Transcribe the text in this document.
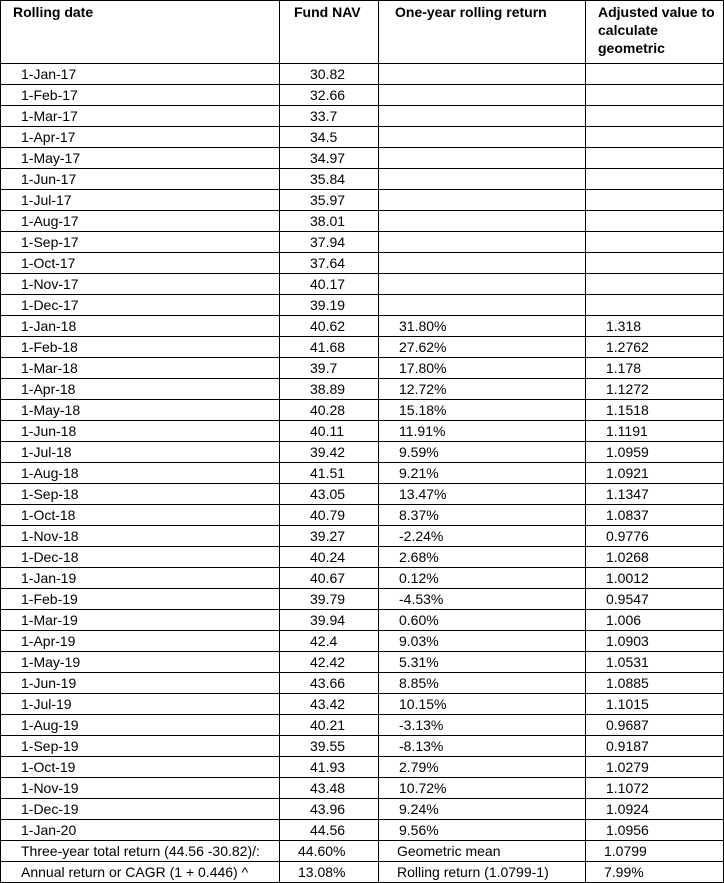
Rolling date	Fund NAV	One-year rolling return	Adjusted value to calculate geometric
1-Jan-17	30.82		
1-Feb-17	32.66		
1-Mar-17	33.7		
1-Apr-17	34.5		
1-May-17	34.97		
1-Jun-17	35.84		
1-Jul-17	35.97		
1-Aug-17	38.01		
1-Sep-17	37.94		
1-Oct-17	37.64		
1-Nov-17	40.17		
1-Dec-17	39.19		
1-Jan-18	40.62	31.80%	1.318
1-Feb-18	41.68	27.62%	1.2762
1-Mar-18	39.7	17.80%	1.178
1-Apr-18	38.89	12.72%	1.1272
1-May-18	40.28	15.18%	1.1518
1-Jun-18	40.11	11.91%	1.1191
1-Jul-18	39.42	9.59%	1.0959
1-Aug-18	41.51	9.21%	1.0921
1-Sep-18	43.05	13.47%	1.1347
1-Oct-18	40.79	8.37%	1.0837
1-Nov-18	39.27	-2.24%	0.9776
1-Dec-18	40.24	2.68%	1.0268
1-Jan-19	40.67	0.12%	1.0012
1-Feb-19	39.79	-4.53%	0.9547
1-Mar-19	39.94	0.60%	1.006
1-Apr-19	42.4	9.03%	1.0903
1-May-19	42.42	5.31%	1.0531
1-Jun-19	43.66	8.85%	1.0885
1-Jul-19	43.42	10.15%	1.1015
1-Aug-19	40.21	-3.13%	0.9687
1-Sep-19	39.55	-8.13%	0.9187
1-Oct-19	41.93	2.79%	1.0279
1-Nov-19	43.48	10.72%	1.1072
1-Dec-19	43.96	9.24%	1.0924
1-Jan-20	44.56	9.56%	1.0956
Three-year total return (44.56 -30.82)/:	44.60%	Geometric mean	1.0799
Annual return or CAGR (1 + 0.446) ^	13.08%	Rolling return (1.0799-1)	7.99%
